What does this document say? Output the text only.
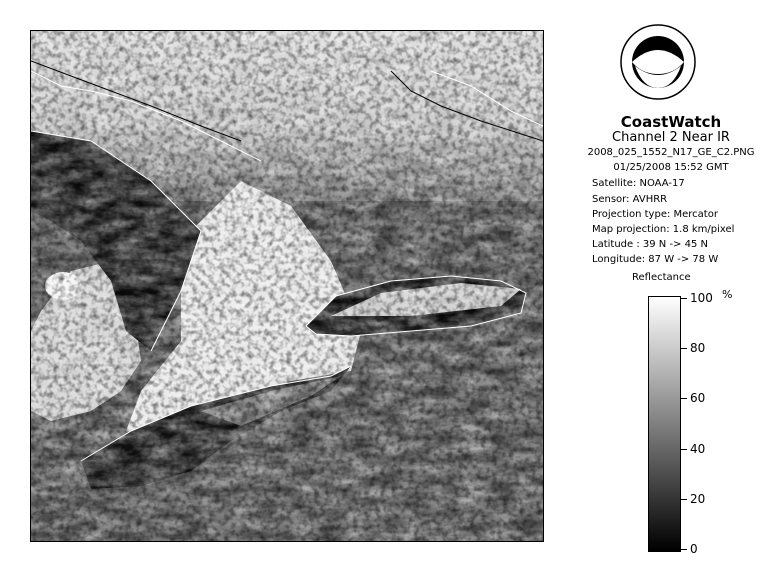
NOAA
CoastWatch
Channel 2 Near IR
2008_025_1552_N17_GE_C2.PNG
01/25/2008 15:52 GMT
Satellite: NOAA-17
Sensor: AVHRR
Projection type: Mercator
Map projection: 1.8 km/pixel
Latitude : 39 N -> 45 N
Longitude: 87 W -> 78 W
Reflectance
%
100
80
60
40
20
0
